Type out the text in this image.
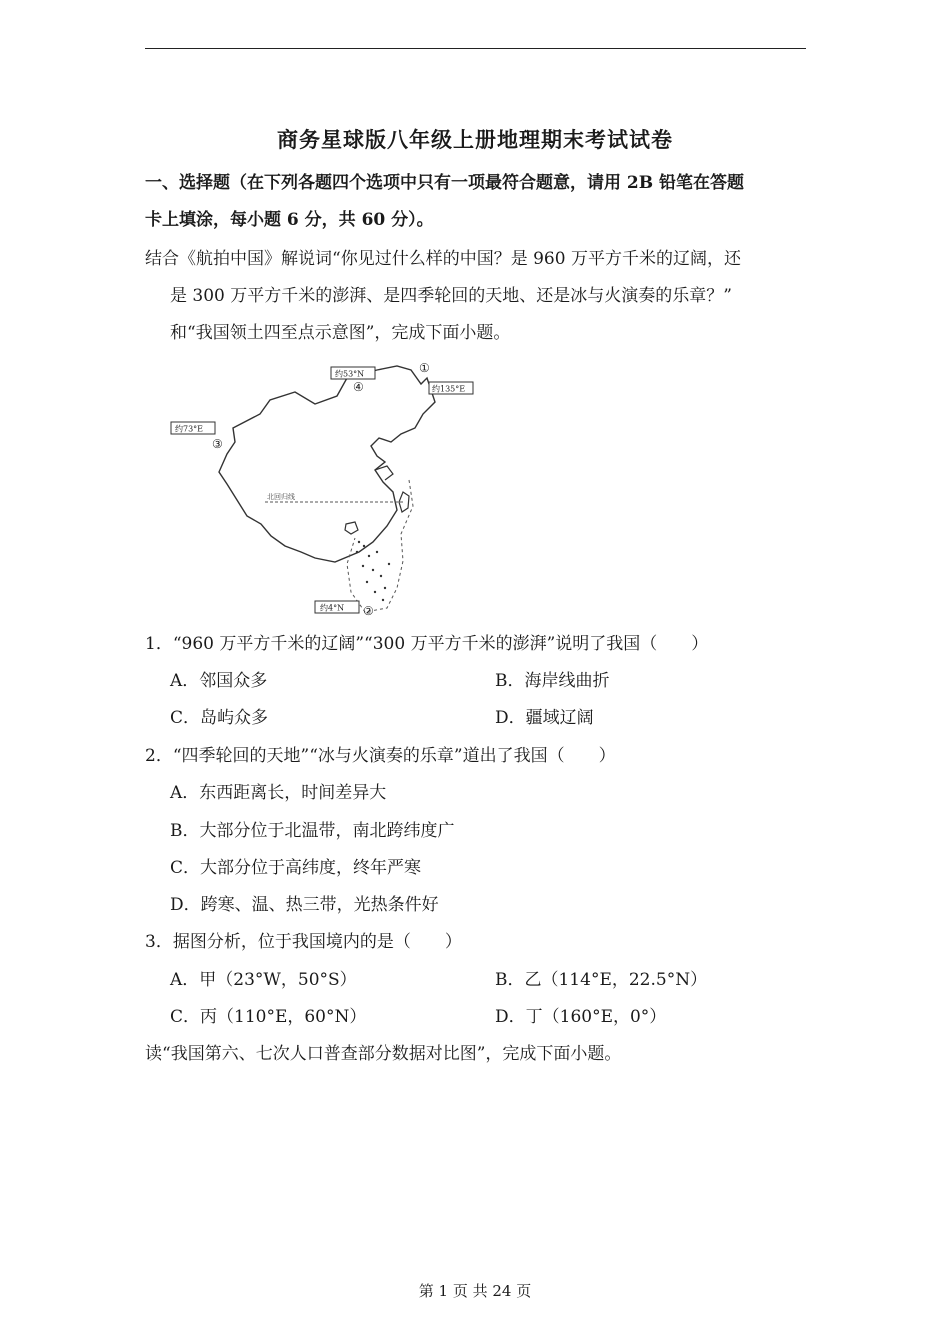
商务星球版八年级上册地理期末考试试卷
一、选择题（在下列各题四个选项中只有一项最符合题意，请用 2B 铅笔在答题
卡上填涂，每小题 6 分，共 60 分）。
结合《航拍中国》解说词“你见过什么样的中国？是 960 万平方千米的辽阔，还
是 300 万平方千米的澎湃、是四季轮回的天地、还是冰与火演奏的乐章？”
和“我国领土四至点示意图”，完成下面小题。
北回归线
约53°N
④
①
约135°E
约73°E
③
约4°N ②
1．“960 万平方千米的辽阔”“300 万平方千米的澎湃”说明了我国（　　）
A．邻国众多	B．海岸线曲折
C．岛屿众多	D．疆域辽阔
2．“四季轮回的天地”“冰与火演奏的乐章”道出了我国（　　）
A．东西距离长，时间差异大
B．大部分位于北温带，南北跨纬度广
C．大部分位于高纬度，终年严寒
D．跨寒、温、热三带，光热条件好
3．据图分析，位于我国境内的是（　　）
A．甲（23°W，50°S）	B．乙（114°E，22.5°N）
C．丙（110°E，60°N）	D．丁（160°E，0°）
读“我国第六、七次人口普查部分数据对比图”，完成下面小题。
第 1 页 共 24 页
